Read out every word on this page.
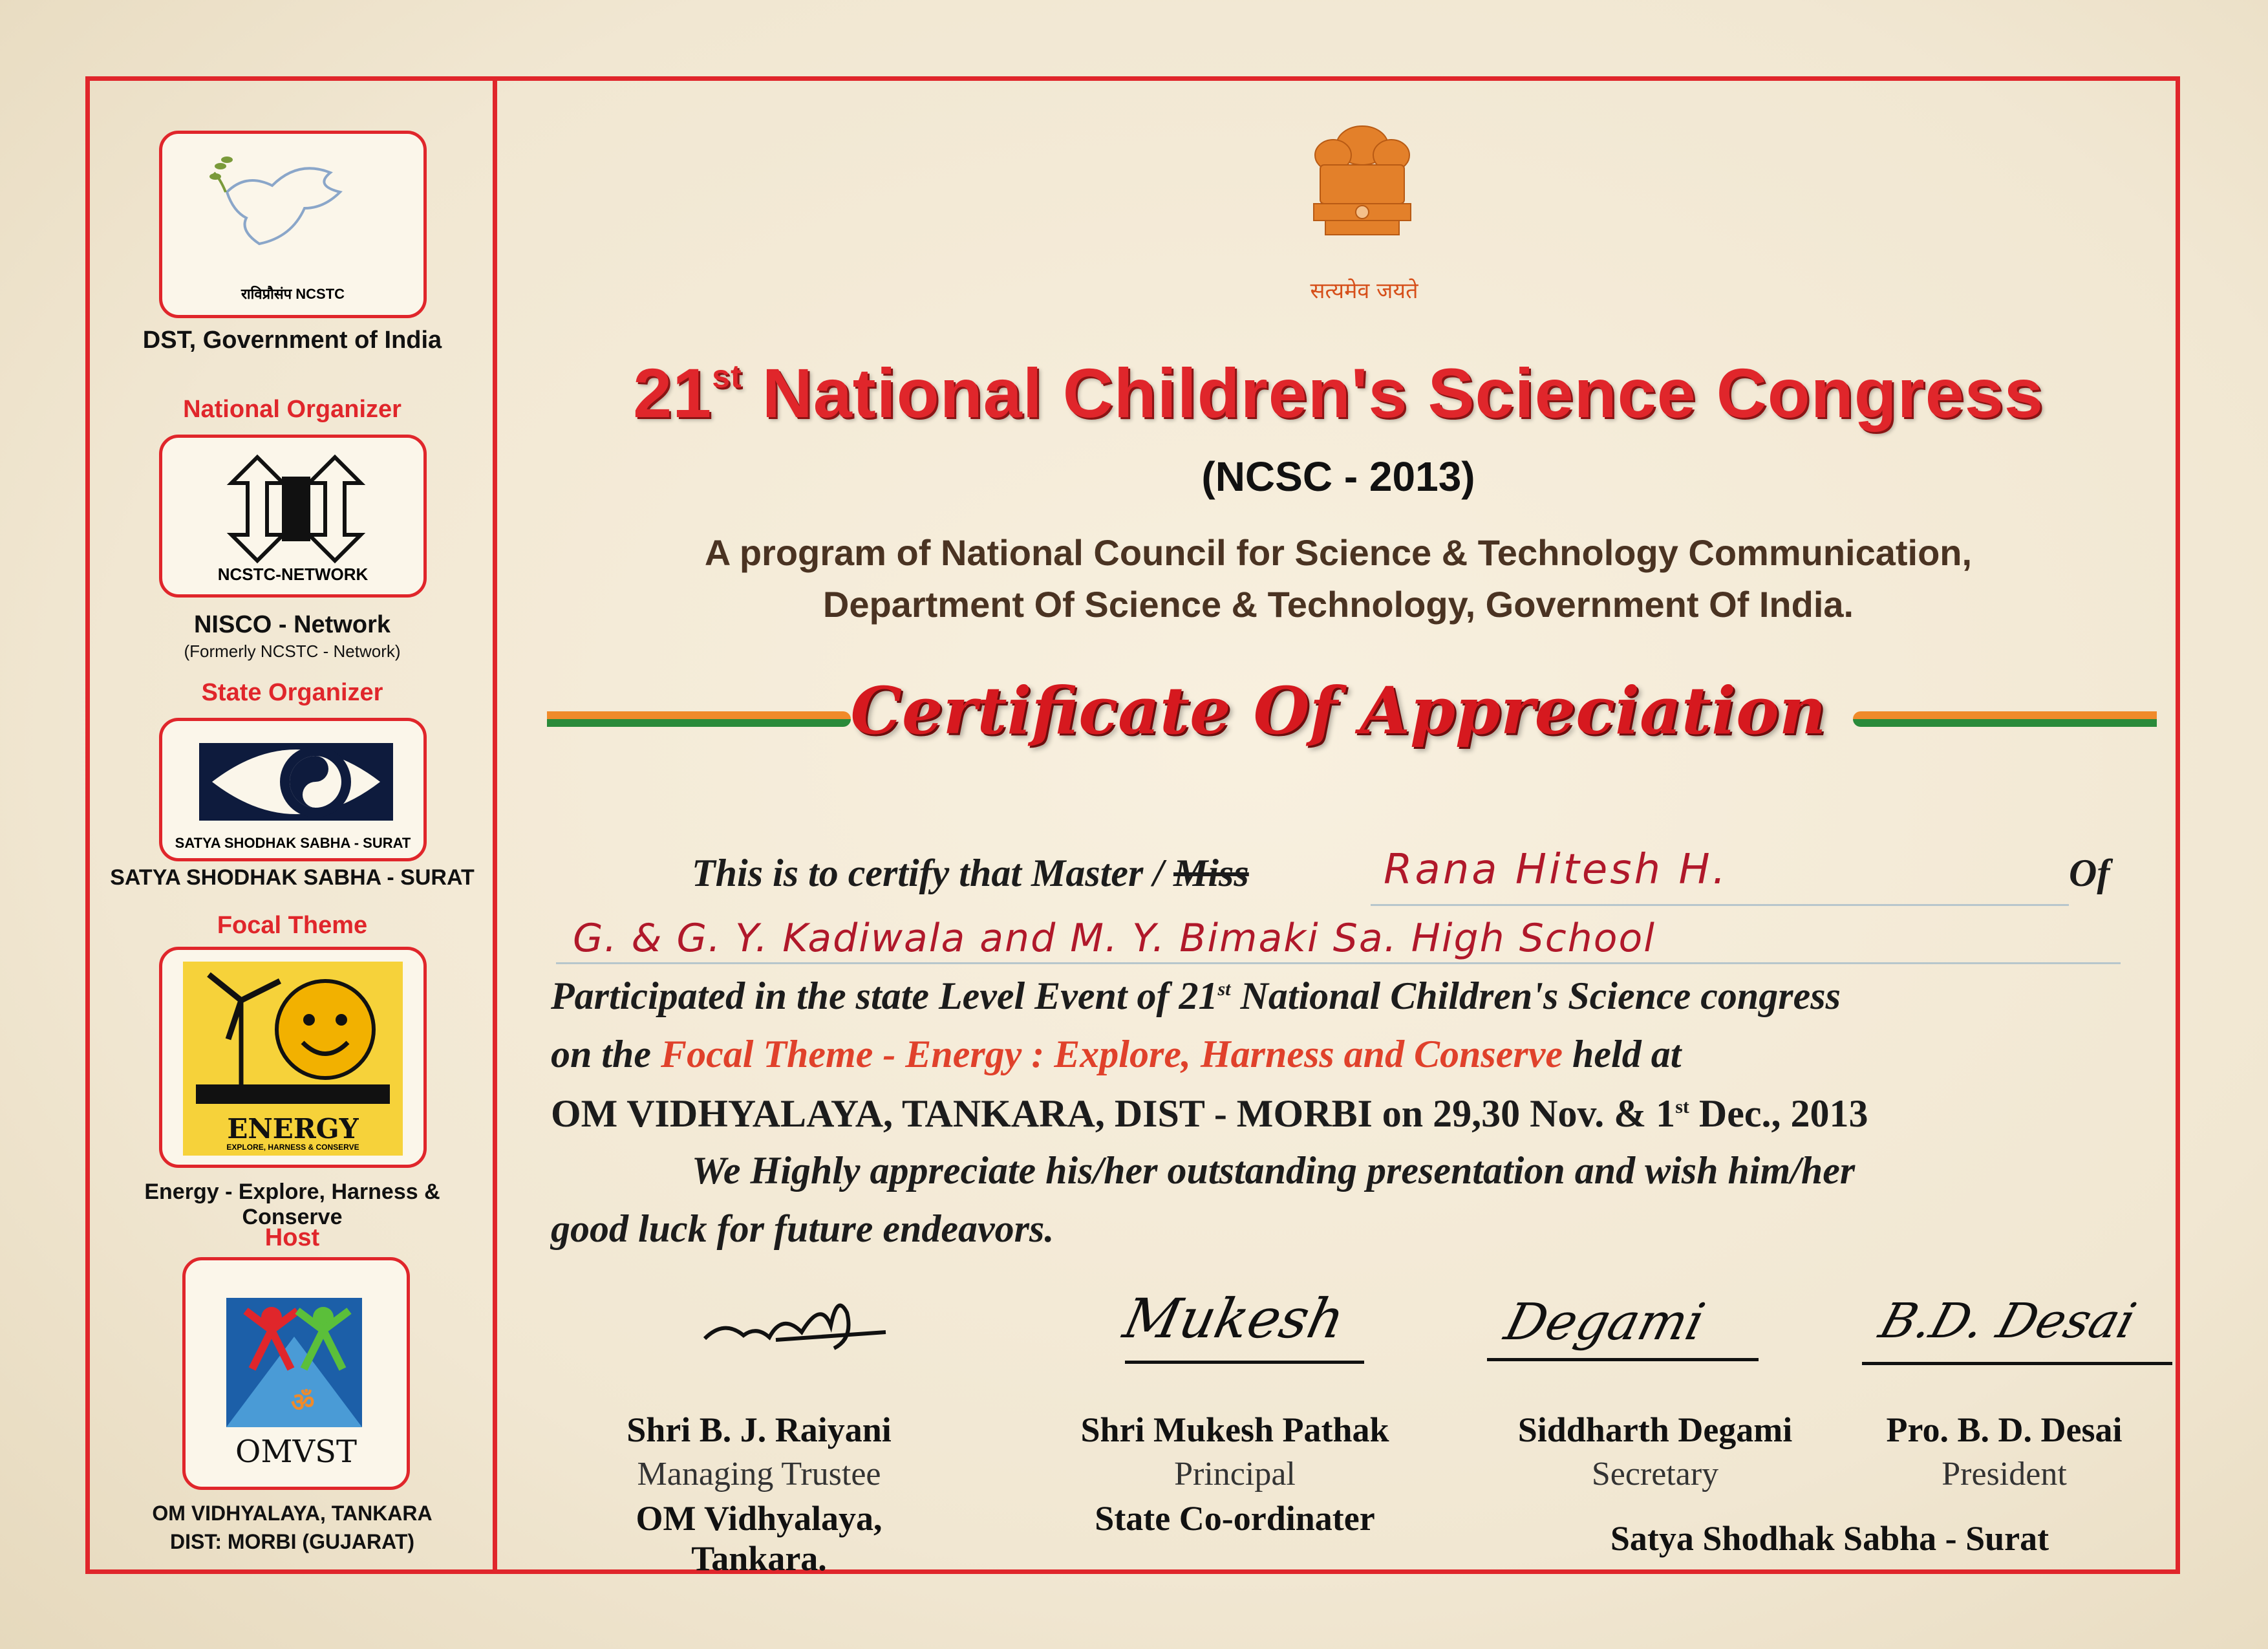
राविप्रौसंप NCSTC
DST, Government of India
National Organizer
NCSTC-NETWORK
NISCO - Network
(Formerly NCSTC - Network)
State Organizer
SATYA SHODHAK SABHA - SURAT
SATYA SHODHAK SABHA - SURAT
Focal Theme
ENERGY
EXPLORE, HARNESS & CONSERVE
Energy - Explore, Harness & Conserve
Host
ॐ
OMVST
OM VIDHYALAYA, TANKARA
DIST: MORBI (GUJARAT)
सत्यमेव जयते
21st National Children's Science Congress
(NCSC - 2013)
A program of National Council for Science & Technology Communication,
Department Of Science & Technology, Government Of India.
Certificate Of Appreciation
This is to certify that Master / Miss	Rana Hitesh H.	Of
G. & G. Y. Kadiwala and M. Y. Bimaki Sa. High School
Participated in the state Level Event of 21st National Children's Science congress
on the Focal Theme - Energy : Explore, Harness and Conserve held at
OM VIDHYALAYA, TANKARA, DIST - MORBI on 29,30 Nov. & 1st Dec., 2013
We Highly appreciate his/her outstanding presentation and wish him/her
good luck for future endeavors.
Mukesh	Degami	B.D. Desai
Shri B. J. Raiyani
Managing Trustee
OM Vidhyalaya, Tankara.
Shri Mukesh Pathak
Principal
State Co-ordinater
Siddharth Degami
Secretary
Pro. B. D. Desai
President
Satya Shodhak Sabha - Surat
